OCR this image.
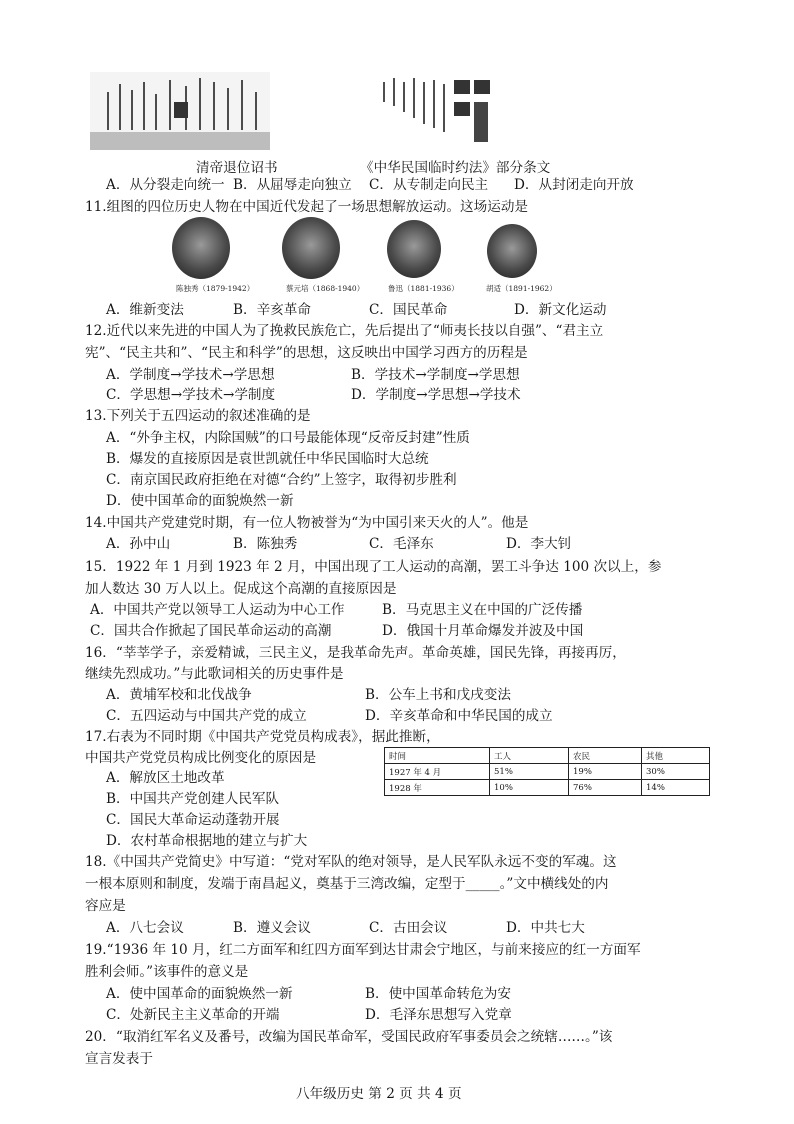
清帝退位诏书	《中华民国临时约法》部分条文
A．从分裂走向统一 B．从屈辱走向独立 C．从专制走向民主 D．从封闭走向开放
11.组图的四位历史人物在中国近代发起了一场思想解放运动。这场运动是
陈独秀（1879-1942）	蔡元培（1868-1940）	鲁迅（1881-1936）	胡适（1891-1962）
A．维新变法	B．辛亥革命	C．国民革命	D．新文化运动
12.近代以来先进的中国人为了挽救民族危亡，先后提出了“师夷长技以自强”、“君主立
宪”、“民主共和”、“民主和科学”的思想，这反映出中国学习西方的历程是
A．学制度→学技术→学思想	B．学技术→学制度→学思想
C．学思想→学技术→学制度	D．学制度→学思想→学技术
13.下列关于五四运动的叙述准确的是
A．“外争主权，内除国贼”的口号最能体现“反帝反封建”性质
B．爆发的直接原因是袁世凯就任中华民国临时大总统
C．南京国民政府拒绝在对德“合约”上签字，取得初步胜利
D．使中国革命的面貌焕然一新
14.中国共产党建党时期，有一位人物被誉为“为中国引来天火的人”。他是
A．孙中山	B．陈独秀	C．毛泽东	D．李大钊
15．1922 年 1 月到 1923 年 2 月，中国出现了工人运动的高潮，罢工斗争达 100 次以上，参
加人数达 30 万人以上。促成这个高潮的直接原因是
A．中国共产党以领导工人运动为中心工作	B．马克思主义在中国的广泛传播
C．国共合作掀起了国民革命运动的高潮	D．俄国十月革命爆发并波及中国
16．“莘莘学子，亲爱精诚，三民主义，是我革命先声。革命英雄，国民先锋，再接再厉，
继续先烈成功。”与此歌词相关的历史事件是
A．黄埔军校和北伐战争	B．公车上书和戊戌变法
C．五四运动与中国共产党的成立	D．辛亥革命和中华民国的成立
17.右表为不同时期《中国共产党党员构成表》，据此推断，
中国共产党党员构成比例变化的原因是	时间	工人	农民	其他
1927 年 4 月	51%	19%	30%
1928 年	10%	76%	14%
A．解放区土地改革
B．中国共产党创建人民军队
C．国民大革命运动蓬勃开展
D．农村革命根据地的建立与扩大
18.《中国共产党简史》中写道：“党对军队的绝对领导，是人民军队永远不变的军魂。这
一根本原则和制度，发端于南昌起义，奠基于三湾改编，定型于_____。”文中横线处的内
容应是
A．八七会议	B．遵义会议	C．古田会议	D．中共七大
19.“1936 年 10 月，红二方面军和红四方面军到达甘肃会宁地区，与前来接应的红一方面军
胜利会师。”该事件的意义是
A．使中国革命的面貌焕然一新	B．使中国革命转危为安
C．处新民主主义革命的开端	D．毛泽东思想写入党章
20．“取消红军名义及番号，改编为国民革命军，受国民政府军事委员会之统辖……。”该
宣言发表于
八年级历史 第 2 页 共 4 页
